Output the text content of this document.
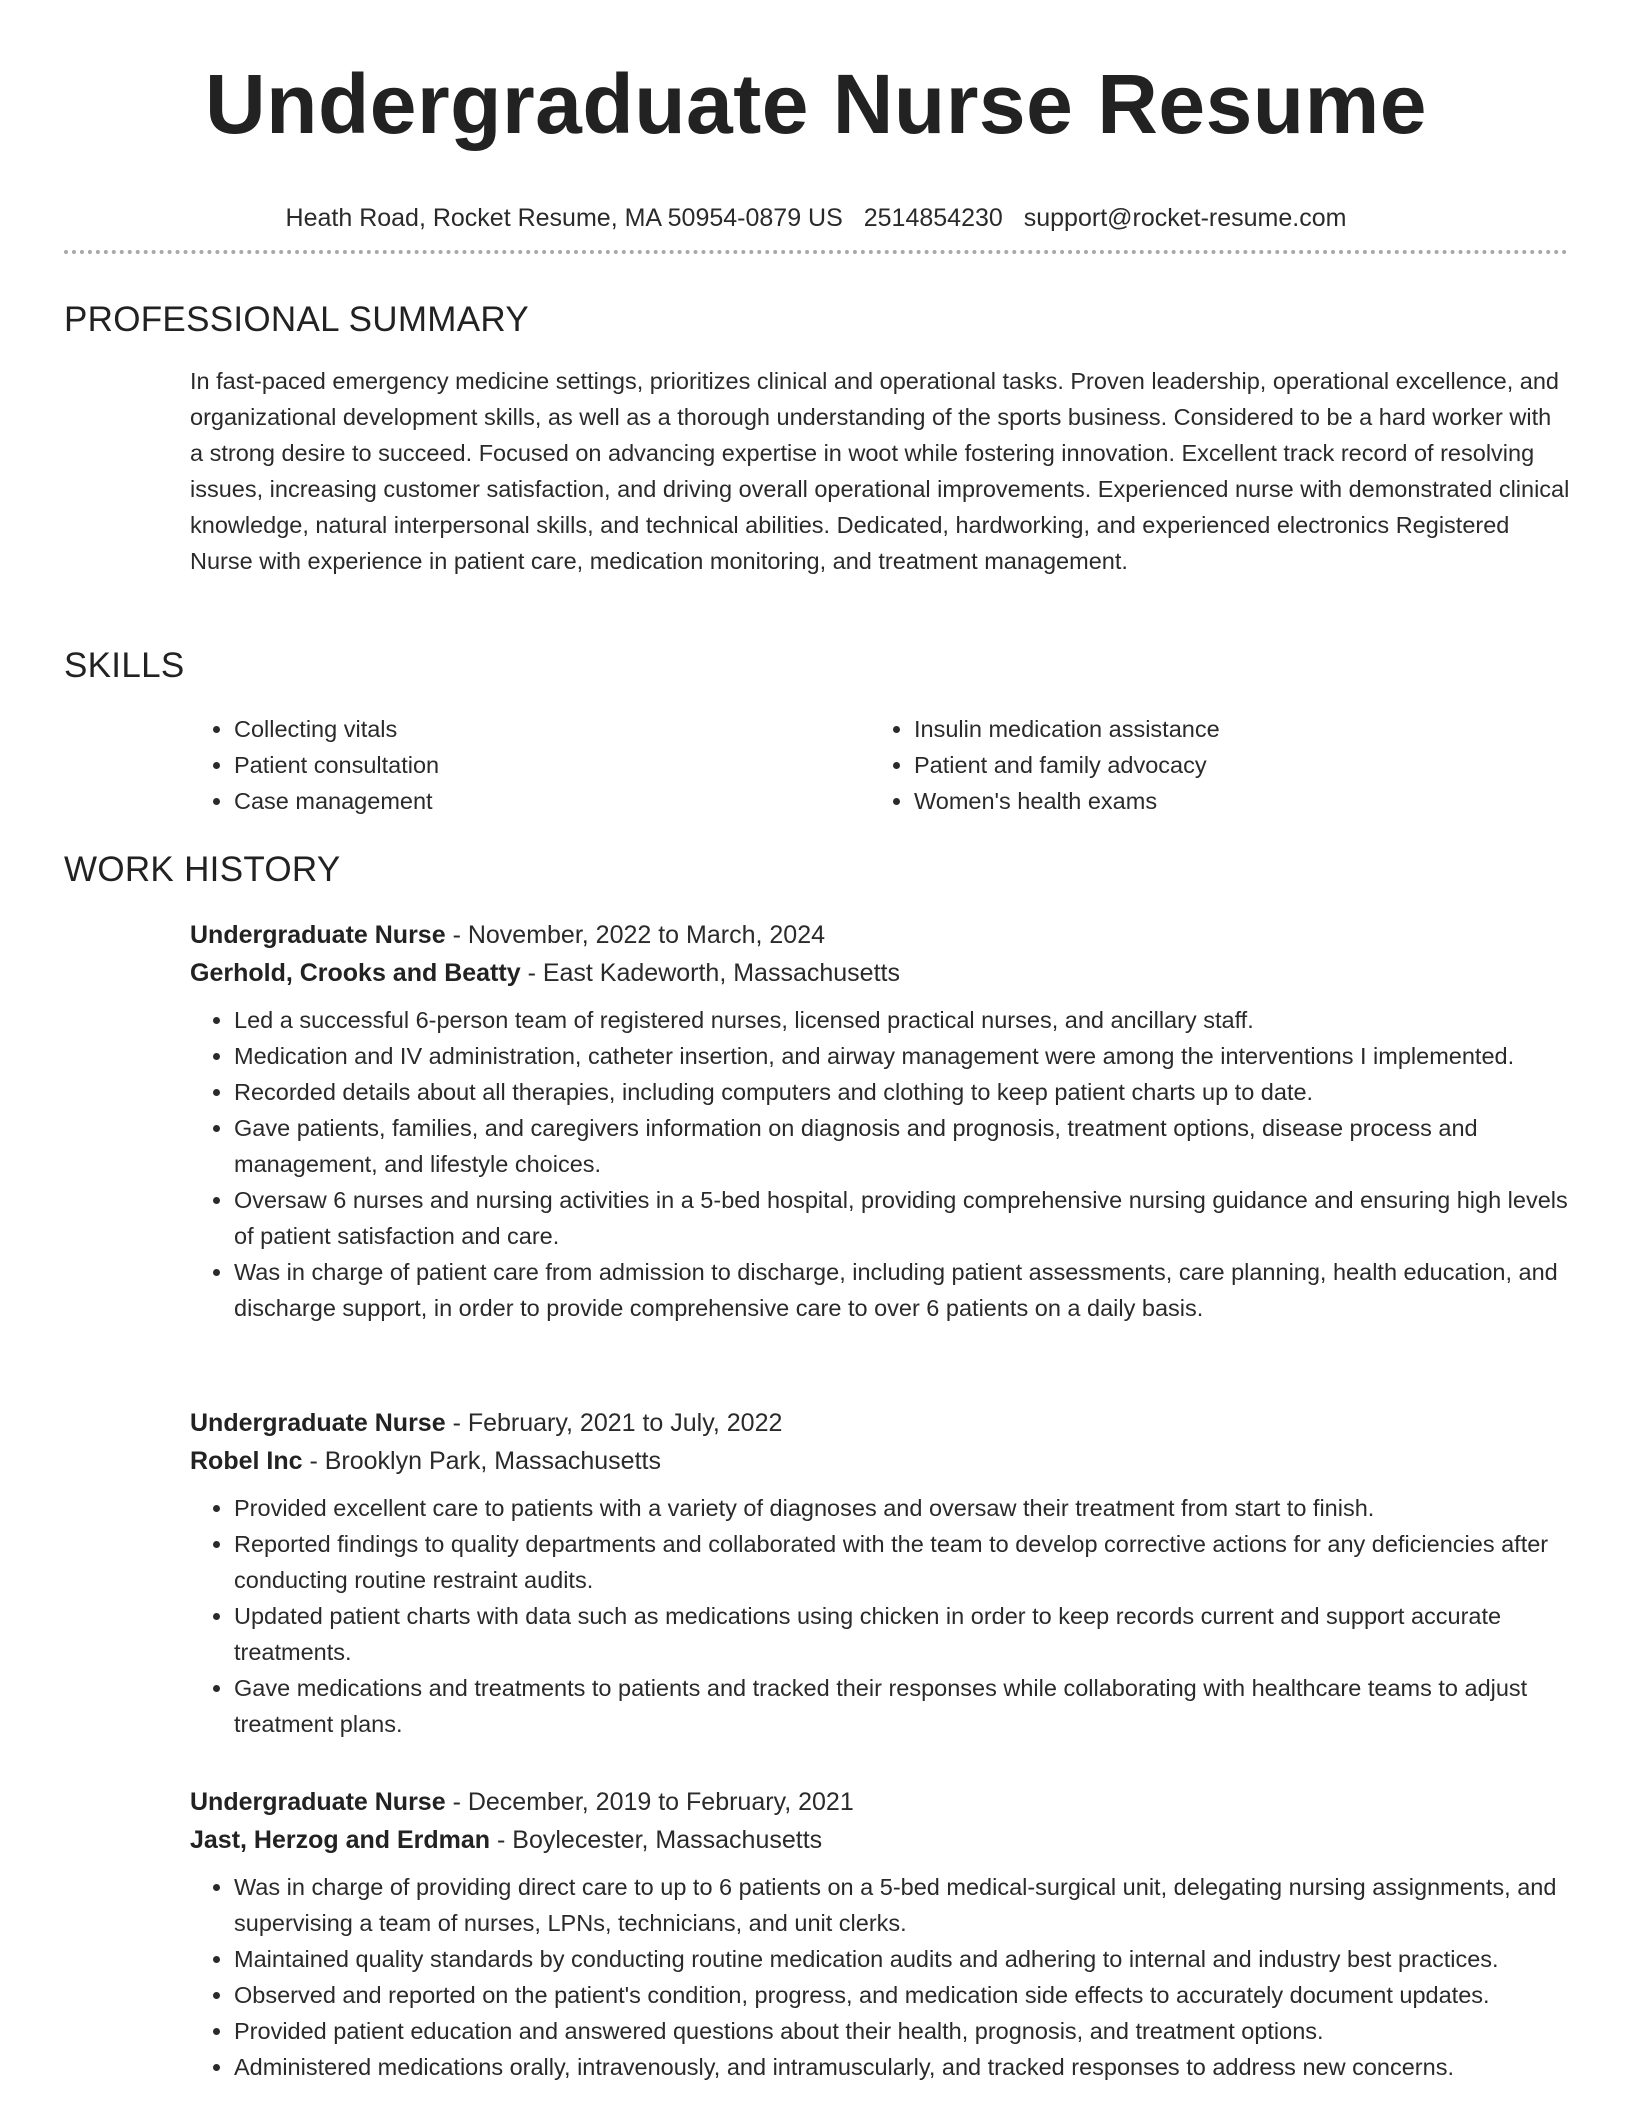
Undergraduate Nurse Resume
Heath Road, Rocket Resume, MA 50954-0879 US 2514854230 support@rocket-resume.com
PROFESSIONAL SUMMARY

In fast-paced emergency medicine settings, prioritizes clinical and operational tasks. Proven leadership, operational excellence, and organizational development skills, as well as a thorough understanding of the sports business. Considered to be a hard worker with a strong desire to succeed. Focused on advancing expertise in woot while fostering innovation. Excellent track record of resolving issues, increasing customer satisfaction, and driving overall operational improvements. Experienced nurse with demonstrated clinical knowledge, natural interpersonal skills, and technical abilities. Dedicated, hardworking, and experienced electronics Registered Nurse with experience in patient care, medication monitoring, and treatment management.

SKILLS
• Collecting vitals
• Patient consultation
• Case management
• Insulin medication assistance
• Patient and family advocacy
• Women's health exams
WORK HISTORY
Undergraduate Nurse - November, 2022 to March, 2024
Gerhold, Crooks and Beatty - East Kadeworth, Massachusetts
• Led a successful 6-person team of registered nurses, licensed practical nurses, and ancillary staff.
• Medication and IV administration, catheter insertion, and airway management were among the interventions I implemented.
• Recorded details about all therapies, including computers and clothing to keep patient charts up to date.
• Gave patients, families, and caregivers information on diagnosis and prognosis, treatment options, disease process and management, and lifestyle choices.
• Oversaw 6 nurses and nursing activities in a 5-bed hospital, providing comprehensive nursing guidance and ensuring high levels of patient satisfaction and care.
• Was in charge of patient care from admission to discharge, including patient assessments, care planning, health education, and discharge support, in order to provide comprehensive care to over 6 patients on a daily basis.
Undergraduate Nurse - February, 2021 to July, 2022
Robel Inc - Brooklyn Park, Massachusetts
• Provided excellent care to patients with a variety of diagnoses and oversaw their treatment from start to finish.
• Reported findings to quality departments and collaborated with the team to develop corrective actions for any deficiencies after conducting routine restraint audits.
• Updated patient charts with data such as medications using chicken in order to keep records current and support accurate treatments.
• Gave medications and treatments to patients and tracked their responses while collaborating with healthcare teams to adjust treatment plans.
Undergraduate Nurse - December, 2019 to February, 2021
Jast, Herzog and Erdman - Boylecester, Massachusetts
• Was in charge of providing direct care to up to 6 patients on a 5-bed medical-surgical unit, delegating nursing assignments, and supervising a team of nurses, LPNs, technicians, and unit clerks.
• Maintained quality standards by conducting routine medication audits and adhering to internal and industry best practices.
• Observed and reported on the patient's condition, progress, and medication side effects to accurately document updates.
• Provided patient education and answered questions about their health, prognosis, and treatment options.
• Administered medications orally, intravenously, and intramuscularly, and tracked responses to address new concerns.
